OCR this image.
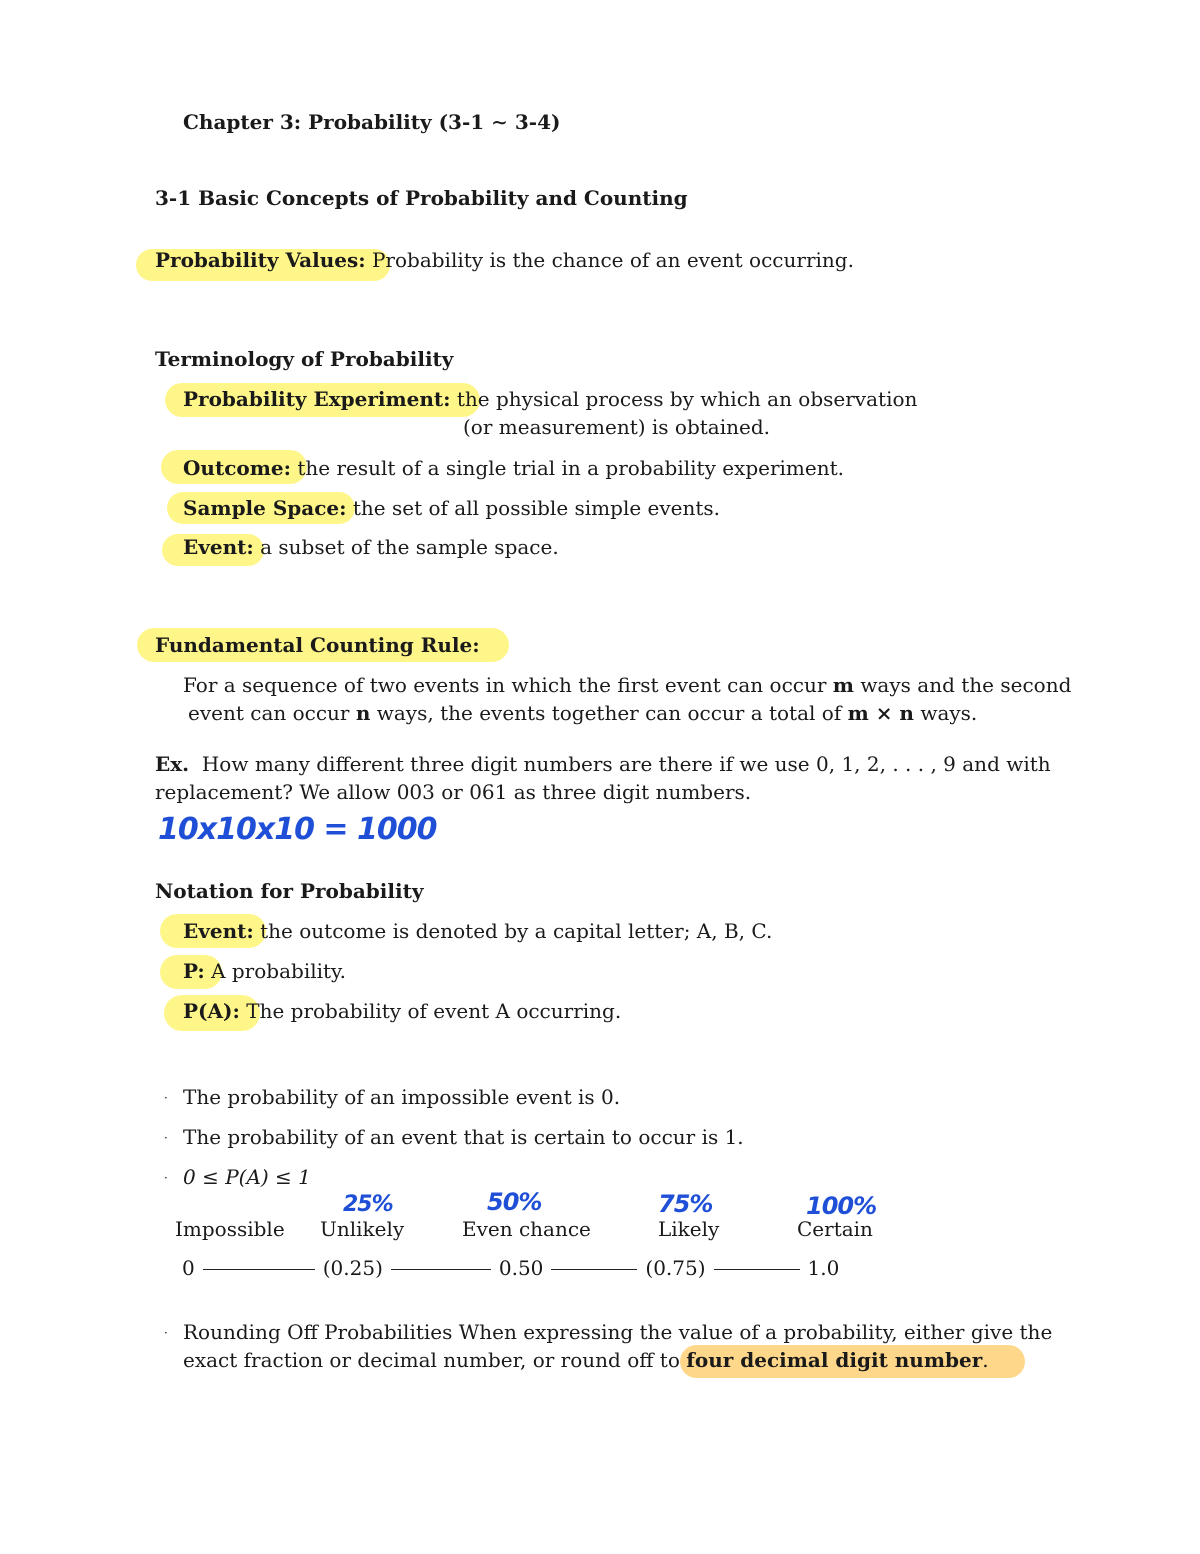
Chapter 3: Probability (3-1 ∼ 3-4)
3-1 Basic Concepts of Probability and Counting
Probability Values: Probability is the chance of an event occurring.
Terminology of Probability
Probability Experiment: the physical process by which an observation
(or measurement) is obtained.
Outcome: the result of a single trial in a probability experiment.
Sample Space: the set of all possible simple events.
Event: a subset of the sample space.
Fundamental Counting Rule:
For a sequence of two events in which the first event can occur m ways and the second
event can occur n ways, the events together can occur a total of m × n ways.
Ex. How many different three digit numbers are there if we use 0, 1, 2, . . . , 9 and with
replacement? We allow 003 or 061 as three digit numbers.
10x10x10 = 1000
Notation for Probability
Event: the outcome is denoted by a capital letter; A, B, C.
P: A probability.
P(A): The probability of event A occurring.
· The probability of an impossible event is 0.
· The probability of an event that is certain to occur is 1.
· 0 ≤ P(A) ≤ 1
25%	50%	75%	100%
Impossible Unlikely	Even chance	Likely	Certain
0	(0.25)	0.50	(0.75)	1.0
· Rounding Off Probabilities When expressing the value of a probability, either give the
exact fraction or decimal number, or round off to four decimal digit number.
